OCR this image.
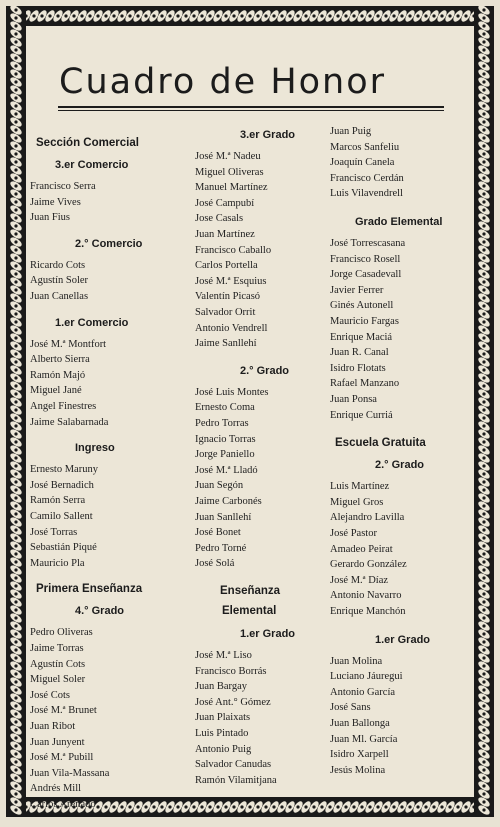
Cuadro de Honor
Sección Comercial
3.er Comercio
Francisco Serra
Jaime Vives
Juan Fius
2.° Comercio
Ricardo Cots
Agustín Soler
Juan Canellas
1.er Comercio
José M.ª Montfort
Alberto Sierra
Ramón Majó
Miguel Jané
Angel Finestres
Jaime Salabarnada
Ingreso
Ernesto Maruny
José Bernadich
Ramón Serra
Camilo Sallent
José Torras
Sebastián Piqué
Mauricio Pla
Primera Enseñanza
4.° Grado
Pedro Oliveras
Jaime Torras
Agustín Cots
Miguel Soler
José Cots
José M.ª Brunet
Juan Ribot
Juan Junyent
José M.ª Pubill
Juan Vila-Massana
Andrés Mill
Carlos Arenado
3.er Grado
José M.ª Nadeu
Miguel Oliveras
Manuel Martínez
José Campubí
Jose Casals
Juan Martínez
Francisco Caballo
Carlos Portella
José M.ª Esquius
Valentín Picasó
Salvador Orrit
Antonio Vendrell
Jaime Sanllehí
2.° Grado
José Luis Montes
Ernesto Coma
Pedro Torras
Ignacio Torras
Jorge Paniello
José M.ª Lladó
Juan Segón
Jaime Carbonés
Juan Sanllehí
José Bonet
Pedro Torné
José Solá
Enseñanza
Elemental
1.er Grado
José M.ª Liso
Francisco Borrás
Juan Bargay
José Ant.° Gómez
Juan Plaixats
Luis Pintado
Antonio Puig
Salvador Canudas
Ramón Vilamitjana
Juan Puig
Marcos Sanfeliu
Joaquín Canela
Francisco Cerdán
Luis Vilavendrell
Grado Elemental
José Torrescasana
Francisco Rosell
Jorge Casadevall
Javier Ferrer
Ginés Autonell
Mauricio Fargas
Enrique Maciá
Juan R. Canal
Isidro Flotats
Rafael Manzano
Juan Ponsa
Enrique Curriá
Escuela Gratuita
2.° Grado
Luis Martínez
Miguel Gros
Alejandro Lavilla
José Pastor
Amadeo Peirat
Gerardo González
José M.ª Díaz
Antonio Navarro
Enrique Manchón
1.er Grado
Juan Molina
Luciano Jáuregui
Antonio García
José Sans
Juan Ballonga
Juan Ml. García
Isidro Xarpell
Jesús Molina
